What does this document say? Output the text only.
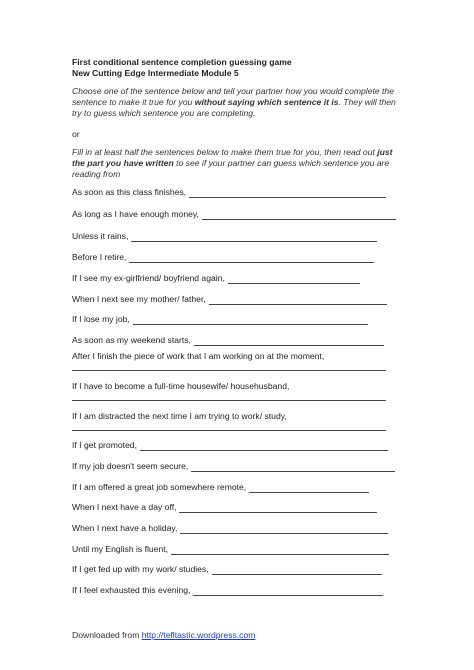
First conditional sentence completion guessing game
New Cutting Edge Intermediate Module 5
Choose one of the sentence below and tell your partner how you would complete the sentence to make it true for you without saying which sentence it is. They will then try to guess which sentence you are completing.
or
Fill in at least half the sentences below to make them true for you, then read out just the part you have written to see if your partner can guess which sentence you are reading from
As soon as this class finishes,
As long as I have enough money,
Unless it rains,
Before I retire,
If I see my ex-girlfriend/ boyfriend again,
When I next see my mother/ father,
If I lose my job,
As soon as my weekend starts,
After I finish the piece of work that I am working on at the moment,
If I have to become a full-time housewife/ househusband,
If I am distracted the next time I am trying to work/ study,
If I get promoted,
If my job doesn't seem secure,
If I am offered a great job somewhere remote,
When I next have a day off,
When I next have a holiday,
Until my English is fluent,
If I get fed up with my work/ studies,
If I feel exhausted this evening,
Downloaded from http://tefltastic.wordpress.com
